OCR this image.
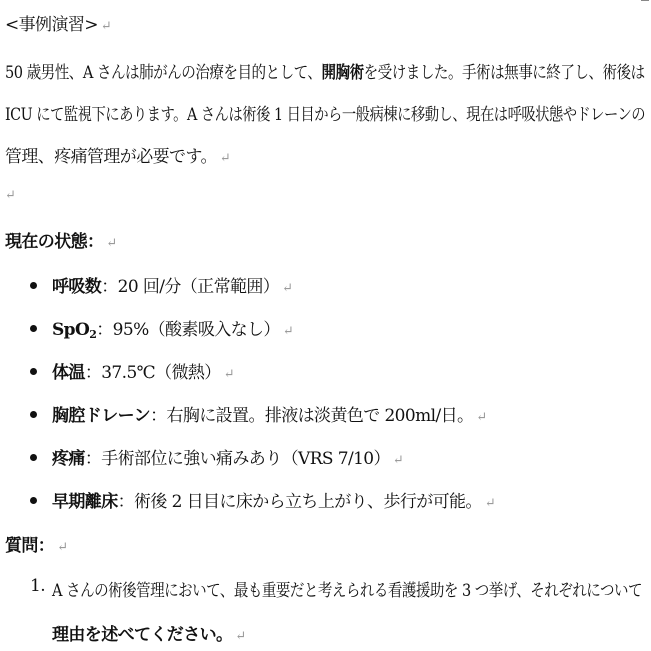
<事例演習> ↵
50 歳男性、A さんは肺がんの治療を目的として、開胸術を受けました。手術は無事に終了し、術後は
ICU にて監視下にあります。A さんは術後 1 日目から一般病棟に移動し、現在は呼吸状態やドレーンの
管理、疼痛管理が必要です。 ↵
↵
現在の状態： ↵
呼吸数：20 回/分（正常範囲） ↵
SpO$_2$：95%（酸素吸入なし） ↵
体温：37.5℃（微熱） ↵
胸腔ドレーン：右胸に設置。排液は淡黄色で 200ml/日。 ↵
疼痛：手術部位に強い痛みあり（VRS 7/10） ↵
早期離床：術後 2 日目に床から立ち上がり、歩行が可能。 ↵
質問： ↵
1. A さんの術後管理において、最も重要だと考えられる看護援助を 3 つ挙げ、それぞれについて
理由を述べてください。 ↵
